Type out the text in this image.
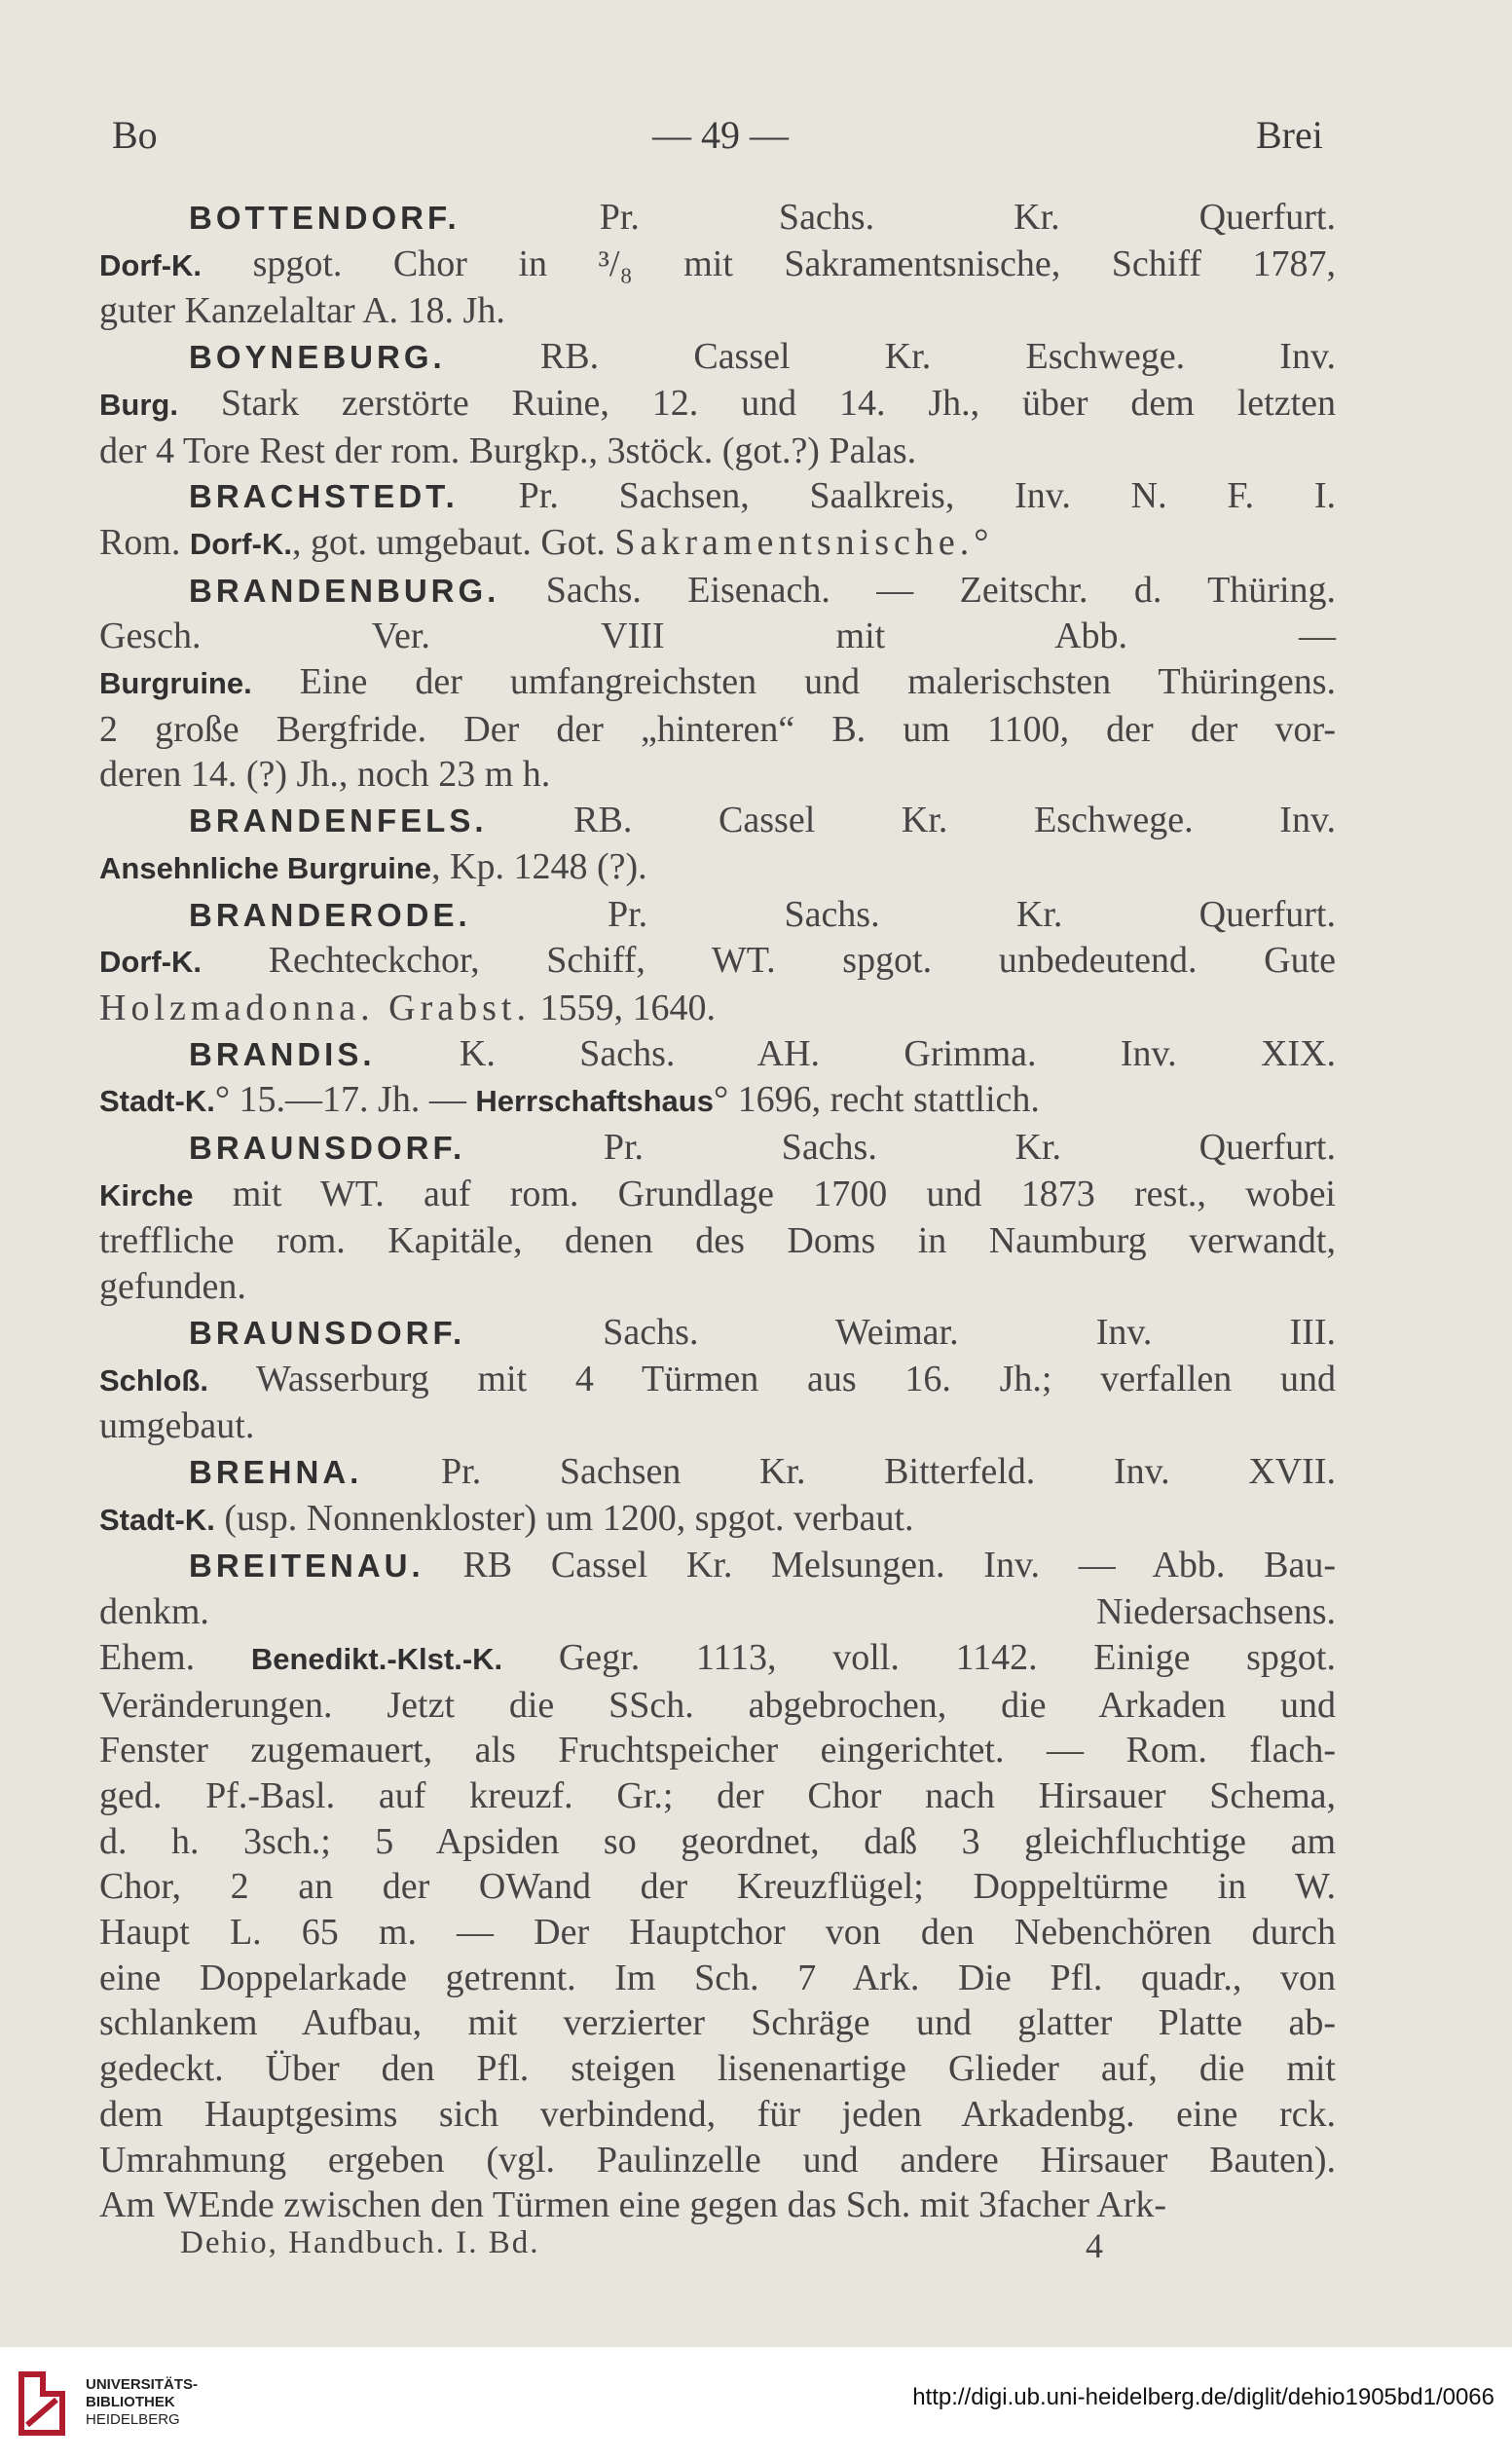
Bo	— 49 —	Brei

BOTTENDORF. Pr. Sachs. Kr. Querfurt.

Dorf-K. spgot. Chor in ³/₈ mit Sakramentsnische, Schiff 1787,

guter Kanzelaltar A. 18. Jh.

BOYNEBURG. RB. Cassel Kr. Eschwege. Inv.

Burg. Stark zerstörte Ruine, 12. und 14. Jh., über dem letzten

der 4 Tore Rest der rom. Burgkp., 3stöck. (got.?) Palas.

BRACHSTEDT. Pr. Sachsen, Saalkreis, Inv. N. F. I.

Rom. Dorf-K., got. umgebaut. Got. Sakramentsnische.°

BRANDENBURG. Sachs. Eisenach. — Zeitschr. d. Thüring.

Gesch. Ver. VIII mit Abb. —

Burgruine. Eine der umfangreichsten und malerischsten Thüringens.

2 große Bergfride. Der der „hinteren“ B. um 1100, der der vor-

deren 14. (?) Jh., noch 23 m h.

BRANDENFELS. RB. Cassel Kr. Eschwege. Inv.

Ansehnliche Burgruine, Kp. 1248 (?).

BRANDERODE. Pr. Sachs. Kr. Querfurt.

Dorf-K. Rechteckchor, Schiff, WT. spgot. unbedeutend. Gute

Holzmadonna. Grabst. 1559, 1640.

BRANDIS. K. Sachs. AH. Grimma. Inv. XIX.

Stadt-K.° 15.—17. Jh. — Herrschaftshaus° 1696, recht stattlich.

BRAUNSDORF. Pr. Sachs. Kr. Querfurt.

Kirche mit WT. auf rom. Grundlage 1700 und 1873 rest., wobei

treffliche rom. Kapitäle, denen des Doms in Naumburg verwandt,

gefunden.

BRAUNSDORF. Sachs. Weimar. Inv. III.

Schloß. Wasserburg mit 4 Türmen aus 16. Jh.; verfallen und

umgebaut.

BREHNA. Pr. Sachsen Kr. Bitterfeld. Inv. XVII.

Stadt-K. (usp. Nonnenkloster) um 1200, spgot. verbaut.

BREITENAU. RB Cassel Kr. Melsungen. Inv. — Abb. Bau-

denkm. Niedersachsens.

Ehem. Benedikt.-Klst.-K. Gegr. 1113, voll. 1142. Einige spgot.

Veränderungen. Jetzt die SSch. abgebrochen, die Arkaden und

Fenster zugemauert, als Fruchtspeicher eingerichtet. — Rom. flach-

ged. Pf.-Basl. auf kreuzf. Gr.; der Chor nach Hirsauer Schema,

d. h. 3sch.; 5 Apsiden so geordnet, daß 3 gleichfluchtige am

Chor, 2 an der OWand der Kreuzflügel; Doppeltürme in W.

Haupt L. 65 m. — Der Hauptchor von den Nebenchören durch

eine Doppelarkade getrennt. Im Sch. 7 Ark. Die Pfl. quadr., von

schlankem Aufbau, mit verzierter Schräge und glatter Platte ab-

gedeckt. Über den Pfl. steigen lisenenartige Glieder auf, die mit

dem Hauptgesims sich verbindend, für jeden Arkadenbg. eine rck.

Umrahmung ergeben (vgl. Paulinzelle und andere Hirsauer Bauten).

Am WEnde zwischen den Türmen eine gegen das Sch. mit 3facher Ark-

Dehio, Handbuch. I. Bd.	4
UNIVERSITÄTS-
BIBLIOTHEK
HEIDELBERG
http://digi.ub.uni-heidelberg.de/diglit/dehio1905bd1/0066
